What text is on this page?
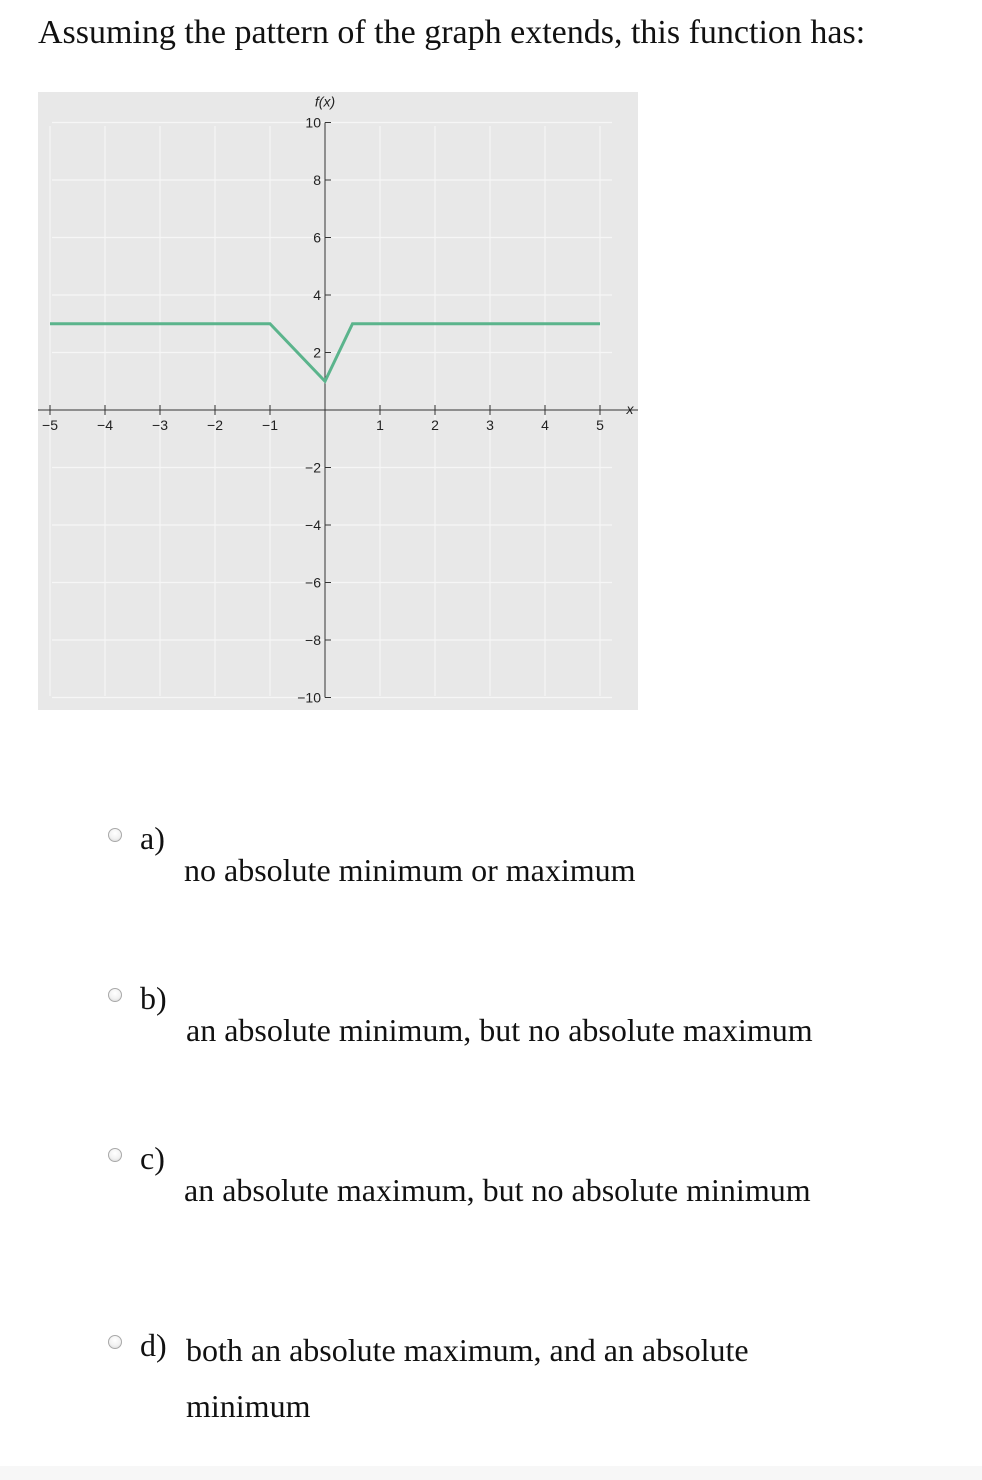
Assuming the pattern of the graph extends, this function has:
−5	−4	−3	−2	−1	1	2	3	4	5
10
8
6
4
2
−2
−4
−6
−8
−10
f(x)
x
a)
no absolute minimum or maximum
b)
an absolute minimum, but no absolute maximum
c)
an absolute maximum, but no absolute minimum
d) both an absolute maximum, and an absolute
minimum
